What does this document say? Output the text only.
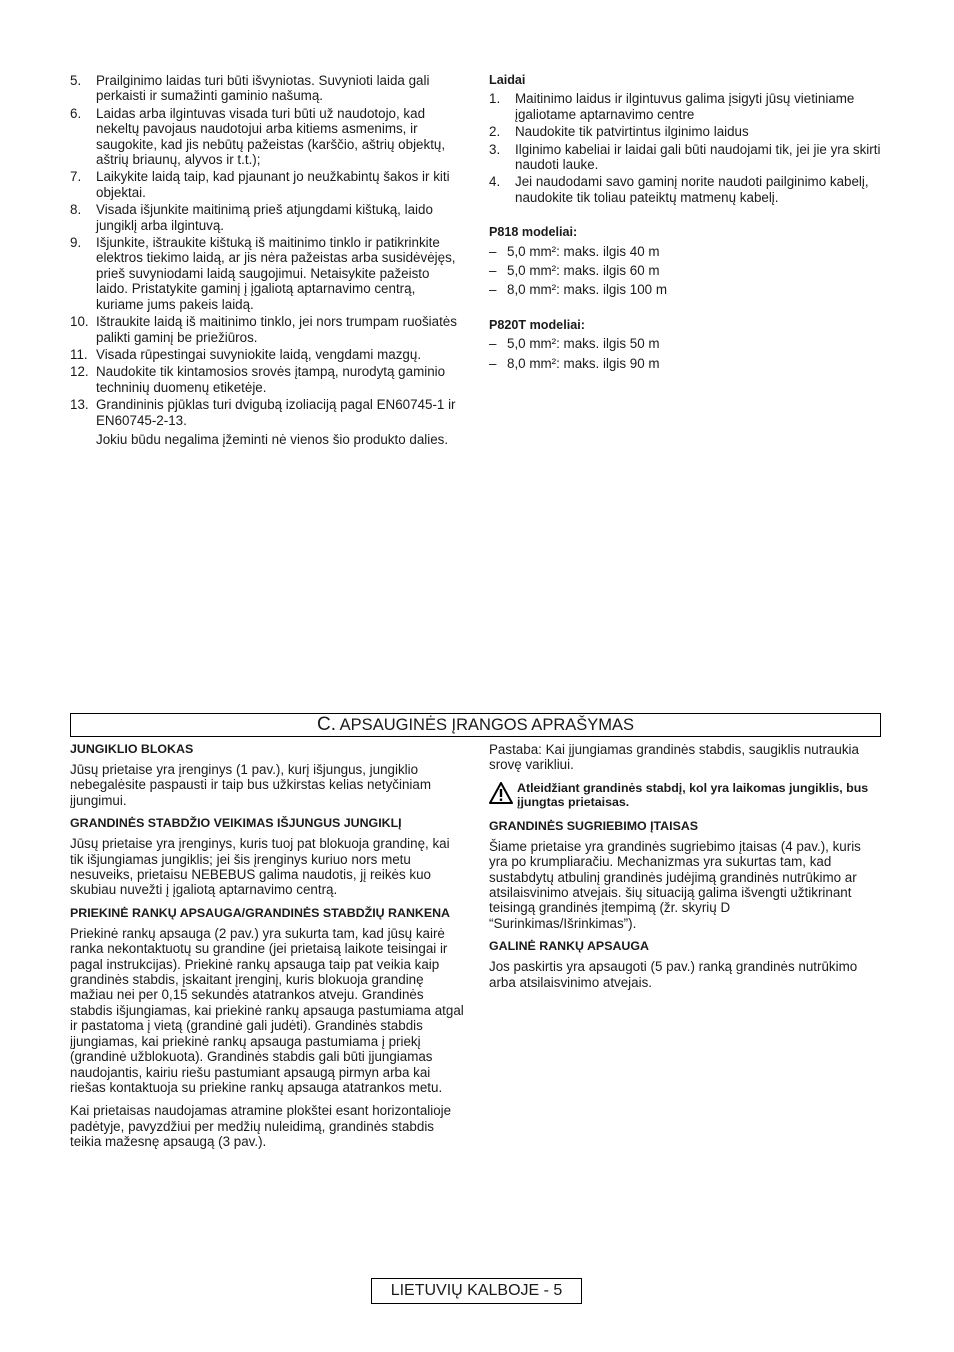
5. Prailginimo laidas turi būti išvyniotas. Suvynioti laida gali perkaisti ir sumažinti gaminio našumą.
6. Laidas arba ilgintuvas visada turi būti už naudotojo, kad nekeltų pavojaus naudotojui arba kitiems asmenims, ir saugokite, kad jis nebūtų pažeistas (karščio, aštrių objektų, aštrių briaunų, alyvos ir t.t.);
7. Laikykite laidą taip, kad pjaunant jo neužkabintų šakos ir kiti objektai.
8. Visada išjunkite maitinimą prieš atjungdami kištuką, laido jungiklį arba ilgintuvą.
9. Išjunkite, ištraukite kištuką iš maitinimo tinklo ir patikrinkite elektros tiekimo laidą, ar jis nėra pažeistas arba susidėvėjęs, prieš suvyniodami laidą saugojimui. Netaisykite pažeisto laido. Pristatykite gaminį į įgaliotą aptarnavimo centrą, kuriame jums pakeis laidą.
10. Ištraukite laidą iš maitinimo tinklo, jei nors trumpam ruošiatės palikti gaminį be priežiūros.
11. Visada rūpestingai suvyniokite laidą, vengdami mazgų.
12. Naudokite tik kintamosios srovės įtampą, nurodytą gaminio techninių duomenų etiketėje.
13. Grandininis pjūklas turi dvigubą izoliaciją pagal EN60745-1 ir EN60745-2-13.
Jokiu būdu negalima įžeminti nė vienos šio produkto dalies.
Laidai
1. Maitinimo laidus ir ilgintuvus galima įsigyti jūsų vietiniame įgaliotame aptarnavimo centre
2. Naudokite tik patvirtintus ilginimo laidus
3. Ilginimo kabeliai ir laidai gali būti naudojami tik, jei jie yra skirti naudoti lauke.
4. Jei naudodami savo gaminį norite naudoti pailginimo kabelį, naudokite tik toliau pateiktų matmenų kabelį.
P818 modeliai:
– 5,0 mm²: maks. ilgis 40 m
– 5,0 mm²: maks. ilgis 60 m
– 8,0 mm²: maks. ilgis 100 m
P820T modeliai:
– 5,0 mm²: maks. ilgis 50 m
– 8,0 mm²: maks. ilgis 90 m
C. APSAUGINĖS ĮRANGOS APRAŠYMAS
JUNGIKLIO BLOKAS
Jūsų prietaise yra įrenginys (1 pav.), kurį išjungus, jungiklio nebegalėsite paspausti ir taip bus užkirstas kelias netyčiniam įjungimui.
GRANDINĖS STABDŽIO VEIKIMAS IŠJUNGUS JUNGIKLĮ
Jūsų prietaise yra įrenginys, kuris tuoj pat blokuoja grandinę, kai tik išjungiamas jungiklis; jei šis įrenginys kuriuo nors metu nesuveiks, prietaisu NEBEBUS galima naudotis, jį reikės kuo skubiau nuvežti į įgaliotą aptarnavimo centrą.
PRIEKINĖ RANKŲ APSAUGA/GRANDINĖS STABDŽIŲ RANKENA
Priekinė rankų apsauga (2 pav.) yra sukurta tam, kad jūsų kairė ranka nekontaktuotų su grandine (jei prietaisą laikote teisingai ir pagal instrukcijas). Priekinė rankų apsauga taip pat veikia kaip grandinės stabdis, įskaitant įrenginį, kuris blokuoja grandinę mažiau nei per 0,15 sekundės atatrankos atveju. Grandinės stabdis išjungiamas, kai priekinė rankų apsauga pastumiama atgal ir pastatoma į vietą (grandinė gali judėti). Grandinės stabdis įjungiamas, kai priekinė rankų apsauga pastumiama į priekį (grandinė užblokuota). Grandinės stabdis gali būti įjungiamas naudojantis, kairiu riešu pastumiant apsaugą pirmyn arba kai riešas kontaktuoja su priekine rankų apsauga atatrankos metu.
Kai prietaisas naudojamas atramine plokštei esant horizontalioje padėtyje, pavyzdžiui per medžių nuleidimą, grandinės stabdis teikia mažesnę apsaugą (3 pav.).
Pastaba: Kai įjungiamas grandinės stabdis, saugiklis nutraukia srovę varikliui.
Atleidžiant grandinės stabdį, kol yra laikomas jungiklis, bus įjungtas prietaisas.
GRANDINĖS SUGRIEBIMO ĮTAISAS
Šiame prietaise yra grandinės sugriebimo įtaisas (4 pav.), kuris yra po krumpliaračiu. Mechanizmas yra sukurtas tam, kad sustabdytų atbulinį grandinės judėjimą grandinės nutrūkimo ar atsilaisvinimo atvejais. šių situaciją galima išvengti užtikrinant teisingą grandinės įtempimą (žr. skyrių D “Surinkimas/Išrinkimas”).
GALINĖ RANKŲ APSAUGA
Jos paskirtis yra apsaugoti (5 pav.) ranką grandinės nutrūkimo arba atsilaisvinimo atvejais.
LIETUVIŲ KALBOJE - 5
